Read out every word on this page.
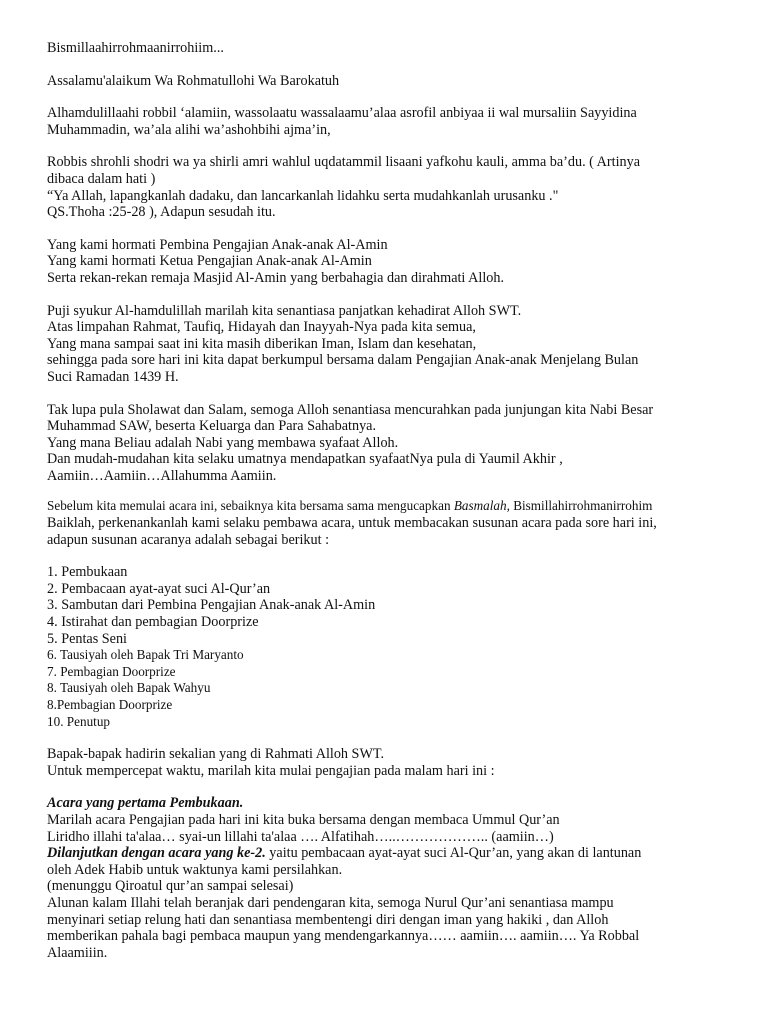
Bismillaahirrohmaanirrohiim...
Assalamu'alaikum Wa Rohmatullohi Wa Barokatuh
Alhamdulillaahi robbil ‘alamiin, wassolaatu wassalaamu’alaa asrofil anbiyaa ii wal mursaliin Sayyidina
Muhammadin, wa’ala alihi wa’ashohbihi ajma’in,
Robbis shrohli shodri wa ya shirli amri wahlul uqdatammil lisaani yafkohu kauli, amma ba’du. ( Artinya
dibaca dalam hati )
“Ya Allah, lapangkanlah dadaku, dan lancarkanlah lidahku serta mudahkanlah urusanku ."
QS.Thoha :25-28 ), Adapun sesudah itu.
Yang kami hormati Pembina Pengajian Anak-anak Al-Amin
Yang kami hormati Ketua Pengajian Anak-anak Al-Amin
Serta rekan-rekan remaja Masjid Al-Amin yang berbahagia dan dirahmati Alloh.
Puji syukur Al-hamdulillah marilah kita senantiasa panjatkan kehadirat Alloh SWT.
Atas limpahan Rahmat, Taufiq, Hidayah dan Inayyah-Nya pada kita semua,
Yang mana sampai saat ini kita masih diberikan Iman, Islam dan kesehatan,
sehingga pada sore hari ini kita dapat berkumpul bersama dalam Pengajian Anak-anak Menjelang Bulan
Suci Ramadan 1439 H.
Tak lupa pula Sholawat dan Salam, semoga Alloh senantiasa mencurahkan pada junjungan kita Nabi Besar
Muhammad SAW, beserta Keluarga dan Para Sahabatnya.
Yang mana Beliau adalah Nabi yang membawa syafaat Alloh.
Dan mudah-mudahan kita selaku umatnya mendapatkan syafaatNya pula di Yaumil Akhir ,
Aamiin…Aamiin…Allahumma Aamiin.
Sebelum kita memulai acara ini, sebaiknya kita bersama sama mengucapkan Basmalah, Bismillahirrohmanirrohim
Baiklah, perkenankanlah kami selaku pembawa acara, untuk membacakan susunan acara pada sore hari ini,
adapun susunan acaranya adalah sebagai berikut :
1. Pembukaan
2. Pembacaan ayat-ayat suci Al-Qur’an
3. Sambutan dari Pembina Pengajian Anak-anak Al-Amin
4. Istirahat dan pembagian Doorprize
5. Pentas Seni
6. Tausiyah oleh Bapak Tri Maryanto
7. Pembagian Doorprize
8. Tausiyah oleh Bapak Wahyu
8.Pembagian Doorprize
10. Penutup
Bapak-bapak hadirin sekalian yang di Rahmati Alloh SWT.
Untuk mempercepat waktu, marilah kita mulai pengajian pada malam hari ini :
Acara yang pertama Pembukaan.
Marilah acara Pengajian pada hari ini kita buka bersama dengan membaca Ummul Qur’an
Liridho illahi ta'alaa… syai-un lillahi ta'alaa …. Alfatihah…..……………….. (aamiin…)
Dilanjutkan dengan acara yang ke-2. yaitu pembacaan ayat-ayat suci Al-Qur’an, yang akan di lantunan
oleh Adek Habib untuk waktunya kami persilahkan.
(menunggu Qiroatul qur’an sampai selesai)
Alunan kalam Illahi telah beranjak dari pendengaran kita, semoga Nurul Qur’ani senantiasa mampu
menyinari setiap relung hati dan senantiasa membentengi diri dengan iman yang hakiki , dan Alloh
memberikan pahala bagi pembaca maupun yang mendengarkannya…… aamiin…. aamiin…. Ya Robbal
Alaamiiin.
